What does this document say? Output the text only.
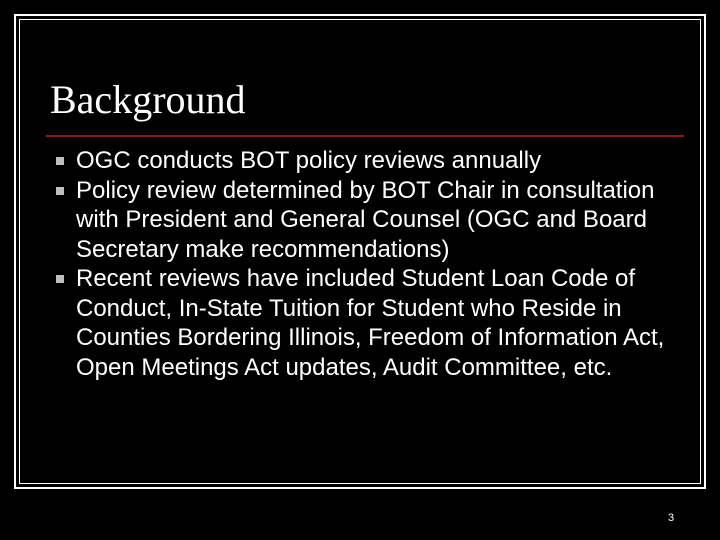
Background
OGC conducts BOT policy reviews annually
Policy review determined by BOT Chair in consultation with President and General Counsel (OGC and Board Secretary make recommendations)
Recent reviews have included Student Loan Code of Conduct, In-State Tuition for Student who Reside in Counties Bordering Illinois, Freedom of Information Act, Open Meetings Act updates, Audit Committee, etc.
3
